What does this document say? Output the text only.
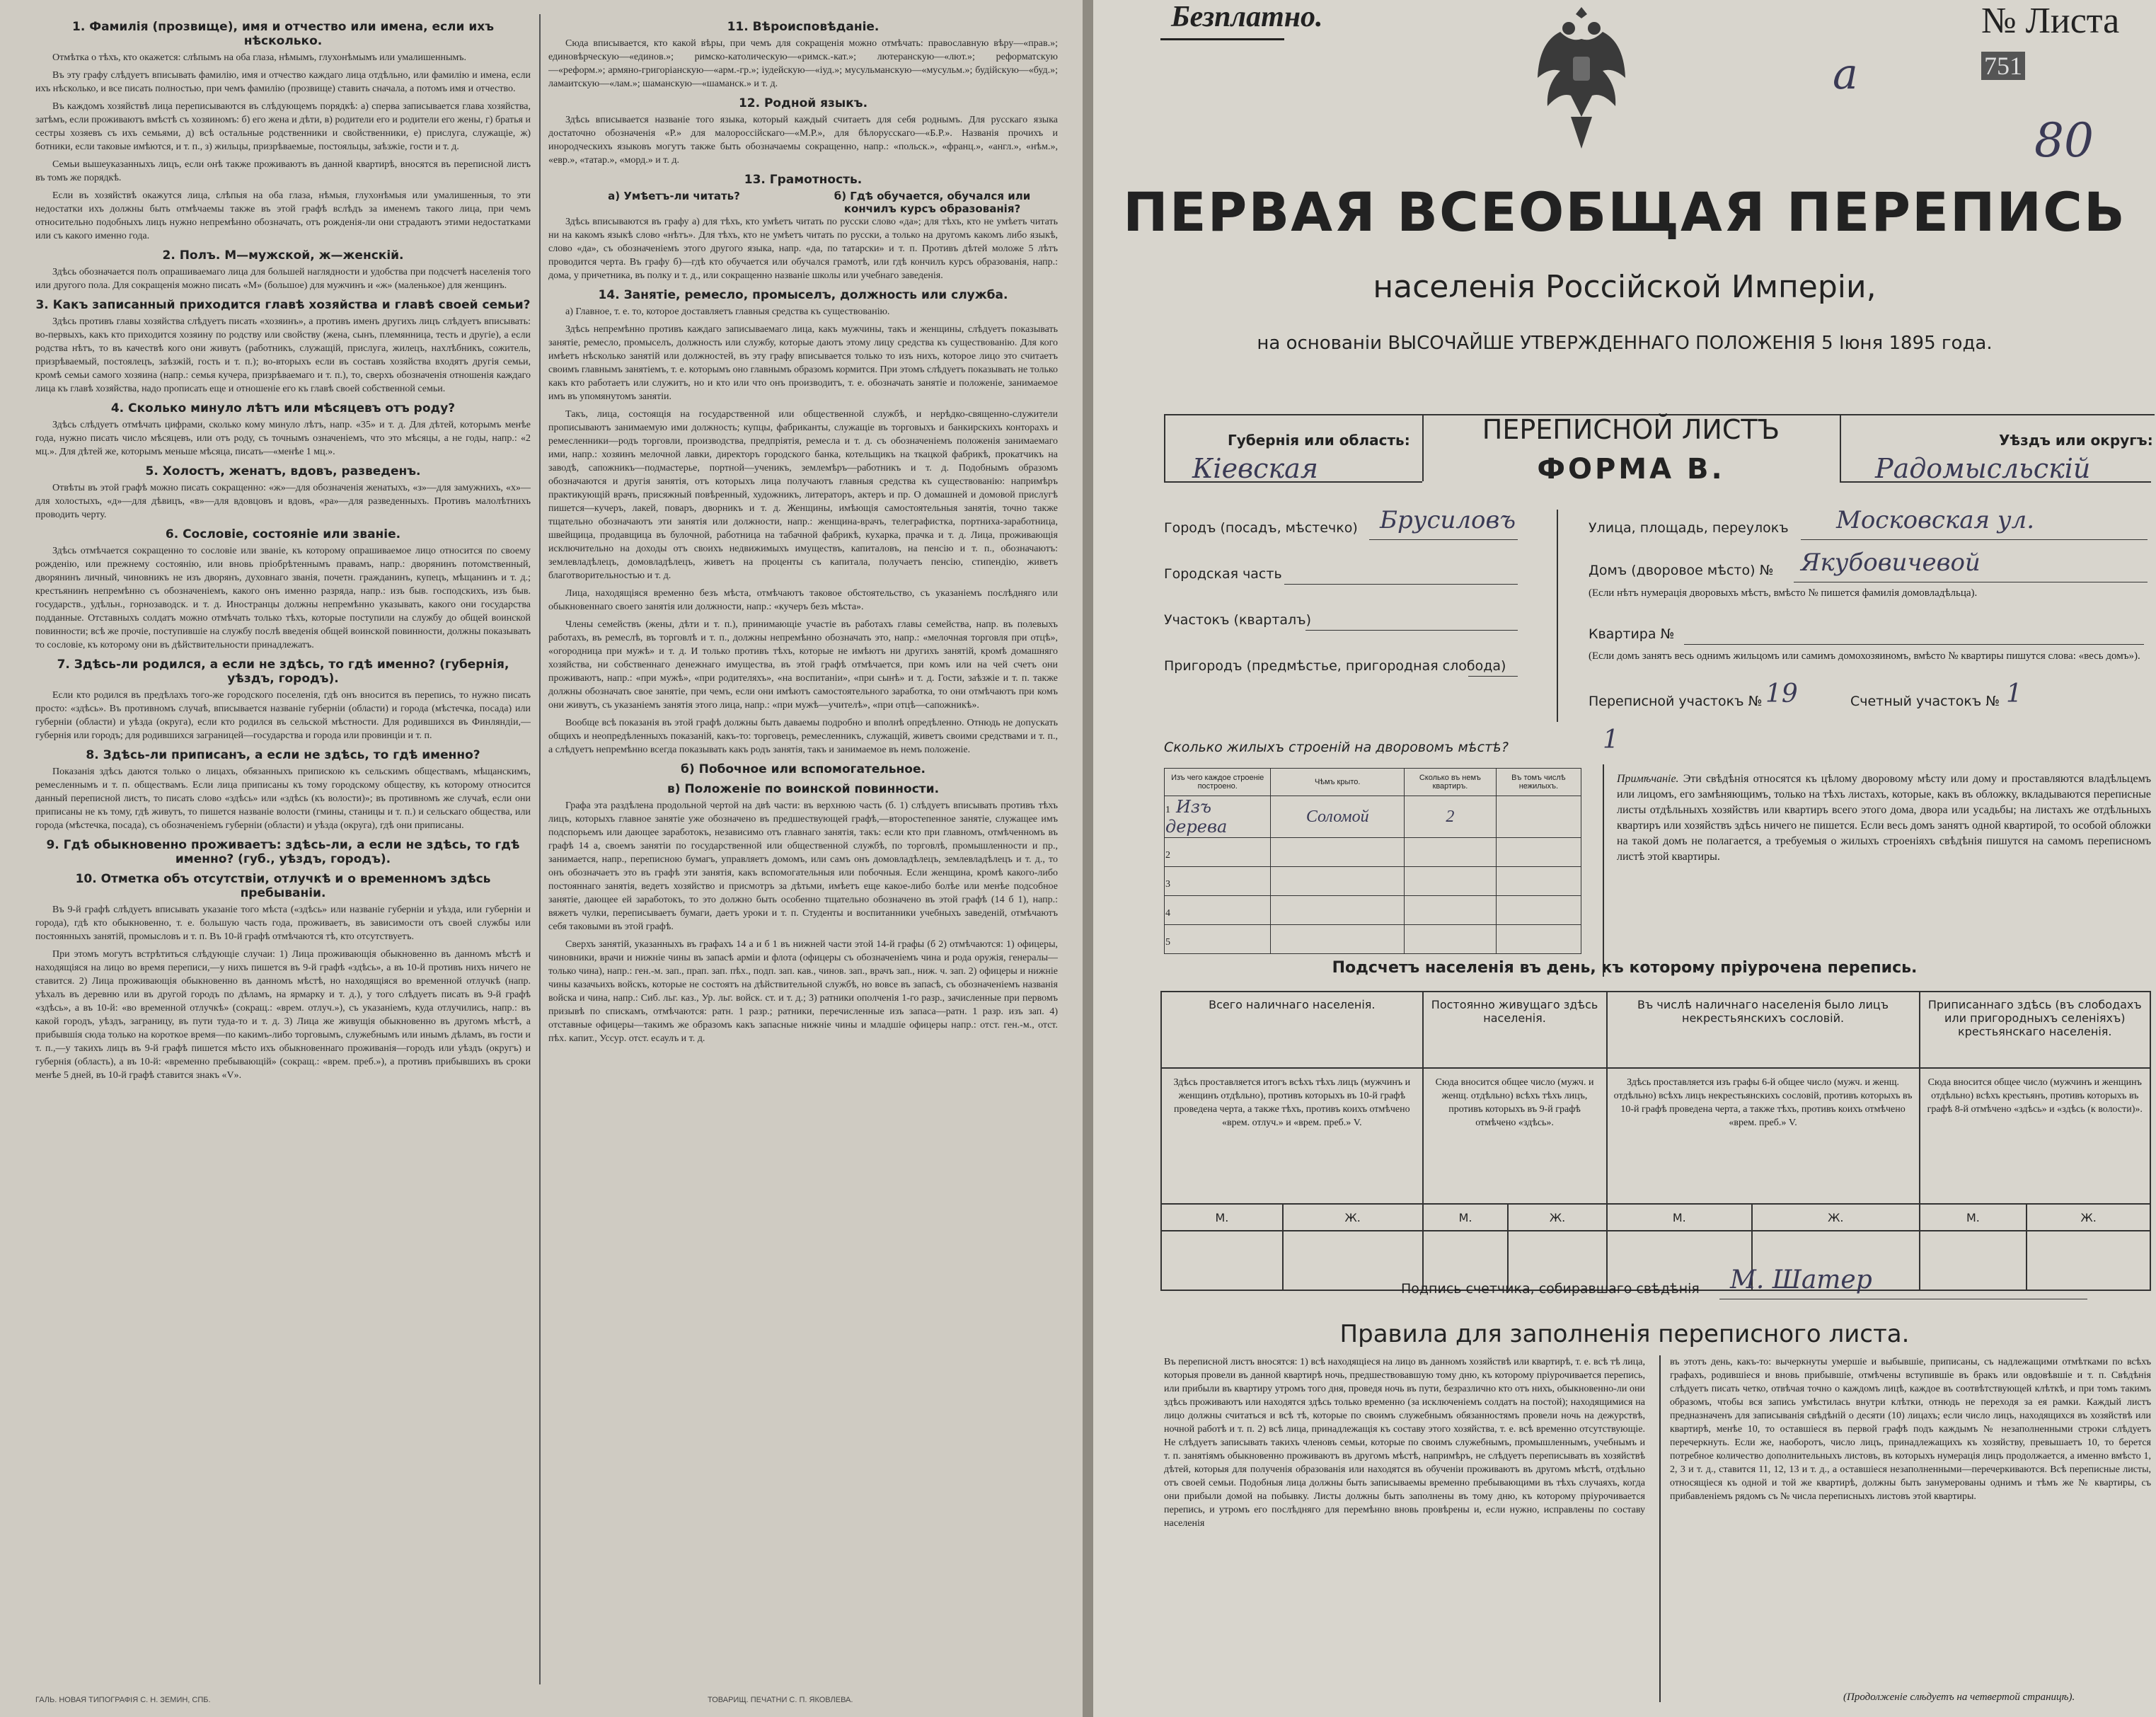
1. Фамилія (прозвище), имя и отчество или имена, если ихъ нѣсколько.
Отмѣтка о тѣхъ, кто окажется: слѣпымъ на оба глаза, нѣмымъ, глухонѣмымъ или умалишеннымъ.
Въ эту графу слѣдуетъ вписывать фамилію, имя и отчество каждаго лица отдѣльно, или фамилію и имена, если ихъ нѣсколько, и все писать полностью, при чемъ фамилію (прозвище) ставить сначала, а потомъ имя и отчество.
Въ каждомъ хозяйствѣ лица переписываются въ слѣдующемъ порядкѣ: а) сперва записывается глава хозяйства, затѣмъ, если проживаютъ вмѣстѣ съ хозяиномъ: б) его жена и дѣти, в) родители его и родители его жены, г) братья и сестры хозяевъ съ ихъ семьями, д) всѣ остальные родственники и свойственники, е) прислуга, служащіе, ж) ботники, если таковые имѣются, и т. п., з) жильцы, призрѣваемые, постояльцы, заѣзжіе, гости и т. д.
Семьи вышеуказанныхъ лицъ, если онѣ также проживаютъ въ данной квартирѣ, вносятся въ переписной листъ въ томъ же порядкѣ.
Если въ хозяйствѣ окажутся лица, слѣпыя на оба глаза, нѣмыя, глухонѣмыя или умалишенныя, то эти недостатки ихъ должны быть отмѣчаемы также въ этой графѣ вслѣдъ за именемъ такого лица, при чемъ относительно подобныхъ лицъ нужно непремѣнно обозначать, отъ рожденія-ли они страдаютъ этими недостатками или съ какого именно года.
2. Полъ. М—мужской, ж—женскій.
Здѣсь обозначается полъ опрашиваемаго лица для большей наглядности и удобства при подсчетѣ населенія того или другого пола. Для сокращенія можно писать «М» (большое) для мужчинъ и «ж» (маленькое) для женщинъ.
3. Какъ записанный приходится главѣ хозяйства и главѣ своей семьи?
Здѣсь противъ главы хозяйства слѣдуетъ писать «хозяинъ», а противъ именъ другихъ лицъ слѣдуетъ вписывать: во-первыхъ, какъ кто приходится хозяину по родству или свойству (жена, сынъ, племянница, тесть и другіе), а если родства нѣтъ, то въ качествѣ кого они живутъ (работникъ, служащій, прислуга, жилецъ, нахлѣбникъ, сожитель, призрѣваемый, постоялецъ, заѣзжій, гость и т. п.); во-вторыхъ если въ составъ хозяйства входятъ другія семьи, кромѣ семьи самого хозяина (напр.: семья кучера, призрѣваемаго и т. п.), то, сверхъ обозначенія отношенія каждаго лица къ главѣ хозяйства, надо прописать еще и отношеніе его къ главѣ своей собственной семьи.
4. Сколько минуло лѣтъ или мѣсяцевъ отъ роду?
Здѣсь слѣдуетъ отмѣчать цифрами, сколько кому минуло лѣтъ, напр. «35» и т. д. Для дѣтей, которымъ менѣе года, нужно писать число мѣсяцевъ, или отъ роду, съ точнымъ означеніемъ, что это мѣсяцы, а не годы, напр.: «2 мц.». Для дѣтей же, которымъ меньше мѣсяца, писать—«менѣе 1 мц.».
5. Холостъ, женатъ, вдовъ, разведенъ.
Отвѣты въ этой графѣ можно писать сокращенно: «ж»—для обозначенія женатыхъ, «з»—для замужнихъ, «х»—для холостыхъ, «д»—для дѣвицъ, «в»—для вдовцовъ и вдовъ, «ра»—для разведенныхъ. Противъ малолѣтнихъ проводить черту.
6. Сословіе, состояніе или званіе.
Здѣсь отмѣчается сокращенно то сословіе или званіе, къ которому опрашиваемое лицо относится по своему рожденію, или прежнему состоянію, или вновь пріобрѣтеннымъ правамъ, напр.: дворянинъ потомственный, дворянинъ личный, чиновникъ не изъ дворянъ, духовнаго званія, почетн. гражданинъ, купецъ, мѣщанинъ и т. д.; крестьянинъ непремѣнно съ обозначеніемъ, какого онъ именно разряда, напр.: изъ быв. господскихъ, изъ быв. государств., удѣльн., горнозаводск. и т. д. Иностранцы должны непремѣнно указывать, какого они государства подданные. Отставныхъ солдатъ можно отмѣчать только тѣхъ, которые поступили на службу до общей воинской повинности; всѣ же прочіе, поступившіе на службу послѣ введенія общей воинской повинности, должны показывать то сословіе, къ которому они въ дѣйствительности принадлежатъ.
7. Здѣсь-ли родился, а если не здѣсь, то гдѣ именно? (губернія, уѣздъ, городъ).
Если кто родился въ предѣлахъ того-же городского поселенія, гдѣ онъ вносится въ перепись, то нужно писать просто: «здѣсь». Въ противномъ случаѣ, вписывается названіе губерніи (области) и города (мѣстечка, посада) или губерніи (области) и уѣзда (округа), если кто родился въ сельской мѣстности. Для родившихся въ Финляндіи,—губернія или городъ; для родившихся заграницей—государства и города или провинціи и т. п.
8. Здѣсь-ли приписанъ, а если не здѣсь, то гдѣ именно?
Показанія здѣсь даются только о лицахъ, обязанныхъ припискою къ сельскимъ обществамъ, мѣщанскимъ, ремесленнымъ и т. п. обществамъ. Если лица приписаны къ тому городскому обществу, къ которому относится данный переписной листъ, то писать слово «здѣсь» или «здѣсь (къ волости)»; въ противномъ же случаѣ, если они приписаны не къ тому, гдѣ живутъ, то пишется названіе волости (гмины, станицы и т. п.) и сельскаго общества, или города (мѣстечка, посада), съ обозначеніемъ губерніи (области) и уѣзда (округа), гдѣ они приписаны.
9. Гдѣ обыкновенно проживаетъ: здѣсь-ли, а если не здѣсь, то гдѣ именно? (губ., уѣздъ, городъ).
10. Отметка объ отсутствіи, отлучкѣ и о временномъ здѣсь пребываніи.
Въ 9-й графѣ слѣдуетъ вписывать указаніе того мѣста («здѣсь» или названіе губерніи и уѣзда, или губерніи и города), гдѣ кто обыкновенно, т. е. большую часть года, проживаетъ, въ зависимости отъ своей службы или постоянныхъ занятій, промысловъ и т. п. Въ 10-й графѣ отмѣчаются тѣ, кто отсутствуетъ.
При этомъ могутъ встрѣтиться слѣдующіе случаи: 1) Лица проживающія обыкновенно въ данномъ мѣстѣ и находящіяся на лицо во время переписи,—у нихъ пишется въ 9-й графѣ «здѣсь», а въ 10-й противъ нихъ ничего не ставится. 2) Лица проживающія обыкновенно въ данномъ мѣстѣ, но находящіяся во временной отлучкѣ (напр. уѣхалъ въ деревню или въ другой городъ по дѣламъ, на ярмарку и т. д.), у того слѣдуетъ писать въ 9-й графѣ «здѣсь», а въ 10-й: «во временной отлучкѣ» (сокращ.: «врем. отлуч.»), съ указаніемъ, куда отлучились, напр.: въ какой городъ, уѣздъ, заграницу, въ пути туда-то и т. д. 3) Лица же живущія обыкновенно въ другомъ мѣстѣ, а прибывшія сюда только на короткое время—по какимъ-либо торговымъ, служебнымъ или инымъ дѣламъ, въ гости и т. п.,—у такихъ лицъ въ 9-й графѣ пишется мѣсто ихъ обыкновеннаго проживанія—городъ или уѣздъ (округъ) и губернія (область), а въ 10-й: «временно пребывающій» (сокращ.: «врем. преб.»), а противъ прибывшихъ въ сроки менѣе 5 дней, въ 10-й графѣ ставится знакъ «V».
11. Вѣроисповѣданіе.
Сюда вписывается, кто какой вѣры, при чемъ для сокращенія можно отмѣчать: православную вѣру—«прав.»; единовѣрческую—«единов.»; римско-католическую—«римск.-кат.»; лютеранскую—«лют.»; реформатскую—«реформ.»; армяно-григоріанскую—«арм.-гр.»; іудейскую—«іуд.»; мусульманскую—«мусульм.»; будійскую—«буд.»; ламаитскую—«лам.»; шаманскую—«шаманск.» и т. д.
12. Родной языкъ.
Здѣсь вписывается названіе того языка, который каждый считаетъ для себя роднымъ. Для русскаго языка достаточно обозначенія «Р.» для малороссійскаго—«М.Р.», для бѣлорусскаго—«Б.Р.». Названія прочихъ и инородческихъ языковъ могутъ также быть обозначаемы сокращенно, напр.: «польск.», «франц.», «англ.», «нѣм.», «евр.», «татар.», «морд.» и т. д.
13. Грамотность.
а) Умѣетъ-ли читать?	б) Гдѣ обучается, обучался или кончилъ курсъ образованія?
Здѣсь вписываются въ графу а) для тѣхъ, кто умѣетъ читать по русски слово «да»; для тѣхъ, кто не умѣетъ читать ни на какомъ языкѣ слово «нѣтъ». Для тѣхъ, кто не умѣетъ читать по русски, а только на другомъ какомъ либо языкѣ, слово «да», съ обозначеніемъ этого другого языка, напр. «да, по татарски» и т. п. Противъ дѣтей моложе 5 лѣтъ проводится черта. Въ графу б)—гдѣ кто обучается или обучался грамотѣ, или гдѣ кончилъ курсъ образованія, напр.: дома, у причетника, въ полку и т. д., или сокращенно названіе школы или учебнаго заведенія.
14. Занятіе, ремесло, промыселъ, должность или служба.
а) Главное, т. е. то, которое доставляетъ главныя средства къ существованію.
Здѣсь непремѣнно противъ каждаго записываемаго лица, какъ мужчины, такъ и женщины, слѣдуетъ показывать занятіе, ремесло, промыселъ, должность или службу, которые даютъ этому лицу средства къ существованію. Для кого имѣетъ нѣсколько занятій или должностей, въ эту графу вписывается только то изъ нихъ, которое лицо это считаетъ своимъ главнымъ занятіемъ, т. е. которымъ оно главнымъ образомъ кормится. При этомъ слѣдуетъ показывать не только какъ кто работаетъ или служитъ, но и кто или что онъ производитъ, т. е. обозначать занятіе и положеніе, занимаемое имъ въ упомянутомъ занятіи.
Такъ, лица, состоящія на государственной или общественной службѣ, и нерѣдко-священно-служители прописываютъ занимаемую ими должность; купцы, фабриканты, служащіе въ торговыхъ и банкирскихъ конторахъ и ремесленники—родъ торговли, производства, предпріятія, ремесла и т. д. съ обозначеніемъ положенія занимаемаго ими, напр.: хозяинъ мелочной лавки, директоръ городского банка, котельщикъ на ткацкой фабрикѣ, прокатчикъ на заводѣ, сапожникъ—подмастерье, портной—ученикъ, землемѣръ—работникъ и т. д. Подобнымъ образомъ обозначаются и другія занятія, отъ которыхъ лица получаютъ главныя средства къ существованію: напримѣръ практикующій врачъ, присяжный повѣренный, художникъ, литераторъ, актеръ и пр. О домашней и домовой прислугѣ пишется—кучеръ, лакей, поваръ, дворникъ и т. д. Женщины, имѣющія самостоятельныя занятія, точно также тщательно обозначаютъ эти занятія или должности, напр.: женщина-врачъ, телеграфистка, портниха-заработница, швейщица, продавщица въ булочной, работница на табачной фабрикѣ, кухарка, прачка и т. д. Лица, проживающія исключительно на доходы отъ своихъ недвижимыхъ имуществъ, капиталовъ, на пенсію и т. п., обозначаютъ: землевладѣлецъ, домовладѣлецъ, живетъ на проценты съ капитала, получаетъ пенсію, стипендію, живетъ благотворительностью и т. д.
Лица, находящіяся временно безъ мѣста, отмѣчаютъ таковое обстоятельство, съ указаніемъ послѣдняго или обыкновеннаго своего занятія или должности, напр.: «кучеръ безъ мѣста».
Члены семействъ (жены, дѣти и т. п.), принимающіе участіе въ работахъ главы семейства, напр. въ полевыхъ работахъ, въ ремеслѣ, въ торговлѣ и т. п., должны непремѣнно обозначать это, напр.: «мелочная торговля при отцѣ», «огородница при мужѣ» и т. д. И только противъ тѣхъ, которые не имѣютъ ни другихъ занятій, кромѣ домашняго хозяйства, ни собственнаго денежнаго имущества, въ этой графѣ отмѣчается, при комъ или на чей счетъ они проживаютъ, напр.: «при мужѣ», «при родителяхъ», «на воспитаніи», «при сынѣ» и т. д. Гости, заѣзжіе и т. п. также должны обозначать свое занятіе, при чемъ, если они имѣютъ самостоятельного заработка, то они отмѣчаютъ при комъ они живутъ, съ указаніемъ занятія этого лица, напр.: «при мужѣ—учителѣ», «при отцѣ—сапожникѣ».
Вообще всѣ показанія въ этой графѣ должны быть даваемы подробно и вполнѣ опредѣленно. Отнюдь не допускать общихъ и неопредѣленныхъ показаній, какъ-то: торговецъ, ремесленникъ, служащій, живетъ своими средствами и т. п., а слѣдуетъ непремѣнно всегда показывать какъ родъ занятія, такъ и занимаемое въ немъ положеніе.
б) Побочное или вспомогательное.
в) Положеніе по воинской повинности.
Графа эта раздѣлена продольной чертой на двѣ части: въ верхнюю часть (б. 1) слѣдуетъ вписывать противъ тѣхъ лицъ, которыхъ главное занятіе уже обозначено въ предшествующей графѣ,—второстепенное занятіе, служащее имъ подспорьемъ или дающее заработокъ, независимо отъ главнаго занятія, такъ: если кто при главномъ, отмѣченномъ въ графѣ 14 а, своемъ занятіи по государственной или общественной службѣ, по торговлѣ, промышленности и пр., занимается, напр., переписною бумагъ, управляетъ домомъ, или самъ онъ домовладѣлецъ, землевладѣлецъ и т. д., то онъ обозначаетъ это въ графѣ эти занятія, какъ вспомогательныя или побочныя. Если женщина, кромѣ какого-либо постояннаго занятія, ведетъ хозяйство и присмотръ за дѣтьми, имѣетъ еще какое-либо болѣе или менѣе подсобное занятіе, дающее ей заработокъ, то это должно быть особенно тщательно обозначено въ этой графѣ (14 б 1), напр.: вяжетъ чулки, переписываетъ бумаги, даетъ уроки и т. п. Студенты и воспитанники учебныхъ заведеній, отмѣчаютъ себя таковыми въ этой графѣ.
Сверхъ занятій, указанныхъ въ графахъ 14 а и б 1 въ нижней части этой 14-й графы (б 2) отмѣчаются: 1) офицеры, чиновники, врачи и нижніе чины въ запасѣ арміи и флота (офицеры съ обозначеніемъ чина и рода оружія, генералы—только чина), напр.: ген.-м. зап., прап. зап. пѣх., подп. зап. кав., чинов. зап., врачъ зап., ниж. ч. зап. 2) офицеры и нижніе чины казачьихъ войскъ, которые не состоятъ на дѣйствительной службѣ, но вовсе въ запасѣ, съ обозначеніемъ названія войска и чина, напр.: Сиб. льг. каз., Ур. льг. войск. ст. и т. д.; 3) ратники ополченія 1-го разр., зачисленные при первомъ призывѣ по спискамъ, отмѣчаются: ратн. 1 разр.; ратники, перечисленные изъ запаса—ратн. 1 разр. изъ зап. 4) отставные офицеры—такимъ же образомъ какъ запасные нижніе чины и младшіе офицеры напр.: отст. ген.-м., отст. пѣх. капит., Уссур. отст. есаулъ и т. д.
ГАЛЬ. НОВАЯ ТИПОГРАФІЯ С. Н. ЗЕМИН, СПБ.	ТОВАРИЩ. ПЕЧАТНИ С. П. ЯКОВЛЕВА.
Безплатно.	№ Листа 751
а
80
ПЕРВАЯ ВСЕОБЩАЯ ПЕРЕПИСЬ
населенія Россійской Имперіи,
на основаніи ВЫСОЧАЙШЕ УТВЕРЖДЕННАГО ПОЛОЖЕНІЯ 5 Іюня 1895 года.
Губернія или область:
Кіевская
ПЕРЕПИСНОЙ ЛИСТЪ
ФОРМА В.
Уѣздъ или округъ:
Радомысльскій
Городъ (посадъ, мѣстечко) Брусиловъ
Городская часть
Участокъ (кварталъ)
Пригородъ (предмѣстье, пригородная слобода)
Улица, площадь, переулокъ Московская ул.
Домъ (дворовое мѣсто) № Якубовичевой
(Если нѣтъ нумерація дворовыхъ мѣстъ, вмѣсто № пишется фамилія домовладѣльца).
Квартира №
(Если домъ занятъ весь однимъ жильцомъ или самимъ домохозяиномъ, вмѣсто № квартиры пишутся слова: «весь домъ»).
Переписной участокъ № 19	Счетный участокъ № 1
Сколько жилыхъ строеній на дворовомъ мѣстѣ?	1
Изъ чего каждое строеніе построено.	Чѣмъ крыто.	Сколько въ немъ квартиръ.	Въ томъ числѣ нежилыхъ.
1 Изъ дерева	Соломой	2	
2			
3			
4			
5			
Примѣчаніе. Эти свѣдѣнія относятся къ цѣлому дворовому мѣсту или дому и проставляются владѣльцемъ или лицомъ, его замѣняющимъ, только на тѣхъ листахъ, которые, какъ въ обложку, вкладываются переписные листы отдѣльныхъ хозяйствъ или квартиръ всего этого дома, двора или усадьбы; на листахъ же отдѣльныхъ квартиръ или хозяйствъ здѣсь ничего не пишется. Если весь домъ занятъ одной квартирой, то особой обложки на такой домъ не полагается, а требуемыя о жилыхъ строеніяхъ свѣдѣнія пишутся на самомъ переписномъ листѣ этой квартиры.
Подсчетъ населенія въ день, къ которому пріурочена перепись.
Всего наличнаго населенія.		Постоянно живущаго здѣсь населенія.		Въ числѣ наличнаго населенія было лицъ некрестьянскихъ сословій.		Приписаннаго здѣсь (въ слободахъ или пригородныхъ селеніяхъ) крестьянскаго населенія.	
Здѣсь проставляется итогъ всѣхъ тѣхъ лицъ (мужчинъ и женщинъ отдѣльно), противъ которыхъ въ 10-й графѣ проведена черта, а также тѣхъ, противъ коихъ отмѣчено «врем. отлуч.» и «врем. преб.» V.		Сюда вносится общее число (мужч. и женщ. отдѣльно) всѣхъ тѣхъ лицъ, противъ которыхъ въ 9-й графѣ отмѣчено «здѣсь».		Здѣсь проставляется изъ графы 6-й общее число (мужч. и женщ. отдѣльно) всѣхъ лицъ некрестьянскихъ сословій, противъ которыхъ въ 10-й графѣ проведена черта, а также тѣхъ, противъ коихъ отмѣчено «врем. преб.» V.		Сюда вносится общее число (мужчинъ и женщинъ отдѣльно) всѣхъ крестьянъ, противъ которыхъ въ графѣ 8-й отмѣчено «здѣсь» и «здѣсь (к волости)».	
М.	Ж.	М.	Ж.	М.	Ж.	М.	Ж.

Подпись счетчика, собиравшаго свѣдѣнія М. Шатер
Правила для заполненія переписного листа.
Въ переписной листъ вносятся: 1) всѣ находящіеся на лицо въ данномъ хозяйствѣ или квартирѣ, т. е. всѣ тѣ лица, которыя провели въ данной квартирѣ ночь, предшествовавшую тому дню, къ которому пріурочивается перепись, или прибыли въ квартиру утромъ того дня, проведя ночь въ пути, безразлично кто отъ нихъ, обыкновенно-ли они здѣсь проживаютъ или находятся здѣсь только временно (за исключеніемъ солдатъ на постой); находящимися на лицо должны считаться и всѣ тѣ, которые по своимъ служебнымъ обязанностямъ провели ночь на дежурствѣ, ночной работѣ и т. п. 2) всѣ лица, принадлежащія къ составу этого хозяйства, т. е. всѣ временно отсутствующіе. Не слѣдуетъ записывать такихъ членовъ семьи, которые по своимъ служебнымъ, промышленнымъ, учебнымъ и т. п. занятіямъ обыкновенно проживаютъ въ другомъ мѣстѣ, напримѣръ, не слѣдуетъ переписывать въ хозяйствѣ дѣтей, которыя для полученія образованія или находятся въ обученіи проживаютъ въ другомъ мѣстѣ, отдѣльно отъ своей семьи. Подобныя лица должны быть записываемы временно пребывающими въ тѣхъ случаяхъ, когда они прибыли домой на побывку. Листы должны быть заполнены въ тому дню, къ которому пріурочивается перепись, и утромъ его послѣдняго для перемѣнно вновь провѣрены и, если нужно, исправлены по составу населенія
въ этотъ день, какъ-то: вычеркнуты умершіе и выбывшіе, приписаны, съ надлежащими отмѣтками по всѣхъ графахъ, родившіеся и вновь прибывшіе, отмѣчены вступившіе въ бракъ или овдовѣвшіе и т. п. Свѣдѣнія слѣдуетъ писать четко, отвѣчая точно о каждомъ лицѣ, каждое въ соотвѣтствующей клѣткѣ, и при томъ такимъ образомъ, чтобы вся запись умѣстилась внутри клѣтки, отнюдь не переходя за ея рамки. Каждый листъ предназначенъ для записыванія свѣдѣній о десяти (10) лицахъ; если число лицъ, находящихся въ хозяйствѣ или квартирѣ, менѣе 10, то оставшіеся въ первой графѣ подъ каждымъ № незаполненными строки слѣдуетъ перечеркнуть. Если же, наоборотъ, число лицъ, принадлежащихъ къ хозяйству, превышаетъ 10, то берется потребное количество дополнительныхъ листовъ, въ которыхъ нумерація лицъ продолжается, а именно вмѣсто 1, 2, 3 и т. д., ставится 11, 12, 13 и т. д., а оставшіеся незаполненными—перечеркиваются. Всѣ переписные листы, относящіеся къ одной и той же квартирѣ, должны быть занумерованы однимъ и тѣмъ же № квартиры, съ прибавленіемъ рядомъ съ № числа переписныхъ листовъ этой квартиры.
(Продолженіе слѣдуетъ на четвертой страницѣ).
